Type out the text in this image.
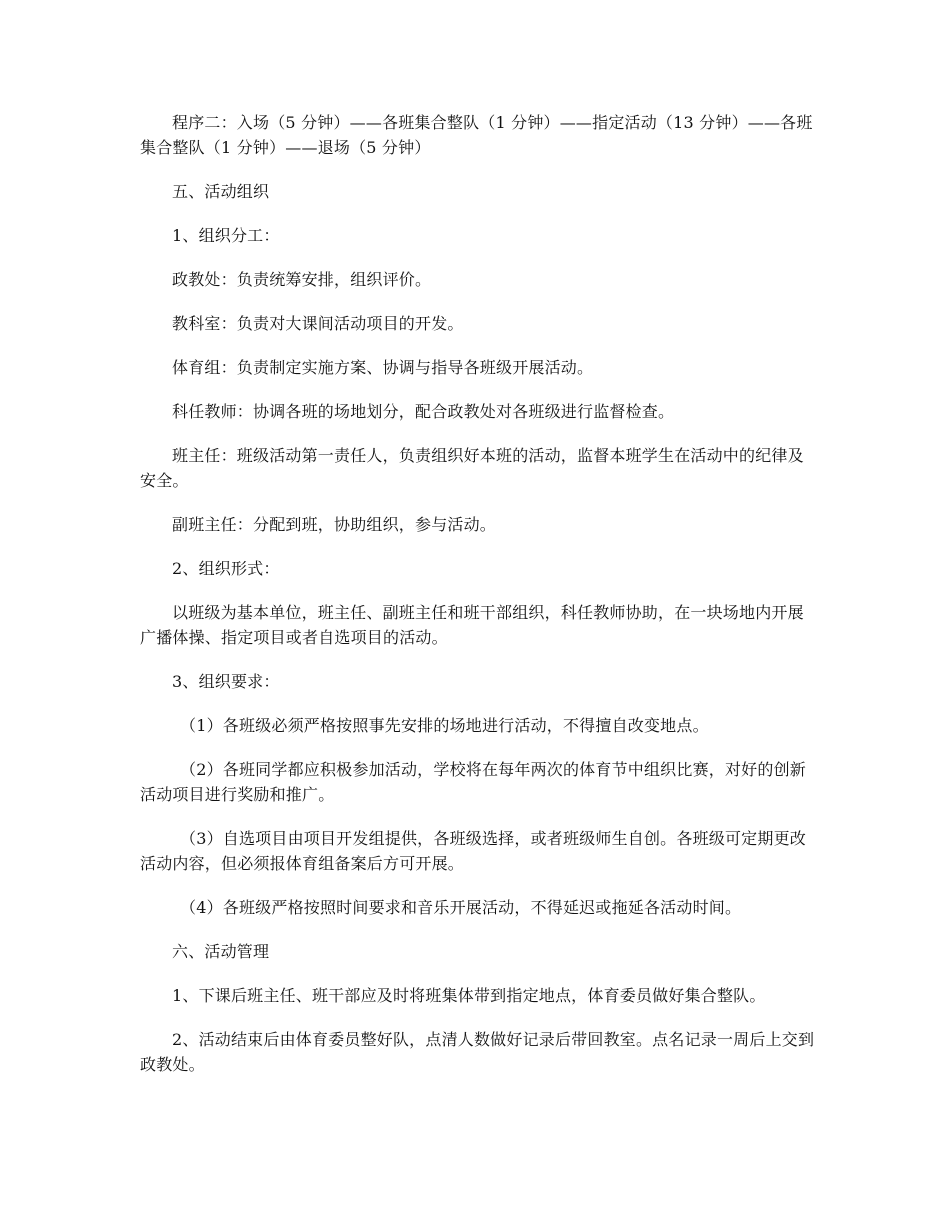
程序二：入场（5 分钟）——各班集合整队（1 分钟）——指定活动（13 分钟）——各班集合整队（1 分钟）——退场（5 分钟）

五、活动组织

1、组织分工：

政教处：负责统筹安排，组织评价。

教科室：负责对大课间活动项目的开发。

体育组：负责制定实施方案、协调与指导各班级开展活动。

科任教师：协调各班的场地划分，配合政教处对各班级进行监督检查。

班主任：班级活动第一责任人，负责组织好本班的活动，监督本班学生在活动中的纪律及安全。

副班主任：分配到班，协助组织，参与活动。

2、组织形式：

以班级为基本单位，班主任、副班主任和班干部组织，科任教师协助，在一块场地内开展广播体操、指定项目或者自选项目的活动。

3、组织要求：

（1）各班级必须严格按照事先安排的场地进行活动，不得擅自改变地点。

（2）各班同学都应积极参加活动，学校将在每年两次的体育节中组织比赛，对好的创新活动项目进行奖励和推广。

（3）自选项目由项目开发组提供，各班级选择，或者班级师生自创。各班级可定期更改活动内容，但必须报体育组备案后方可开展。

（4）各班级严格按照时间要求和音乐开展活动，不得延迟或拖延各活动时间。

六、活动管理

1、下课后班主任、班干部应及时将班集体带到指定地点，体育委员做好集合整队。

2、活动结束后由体育委员整好队，点清人数做好记录后带回教室。点名记录一周后上交到政教处。
